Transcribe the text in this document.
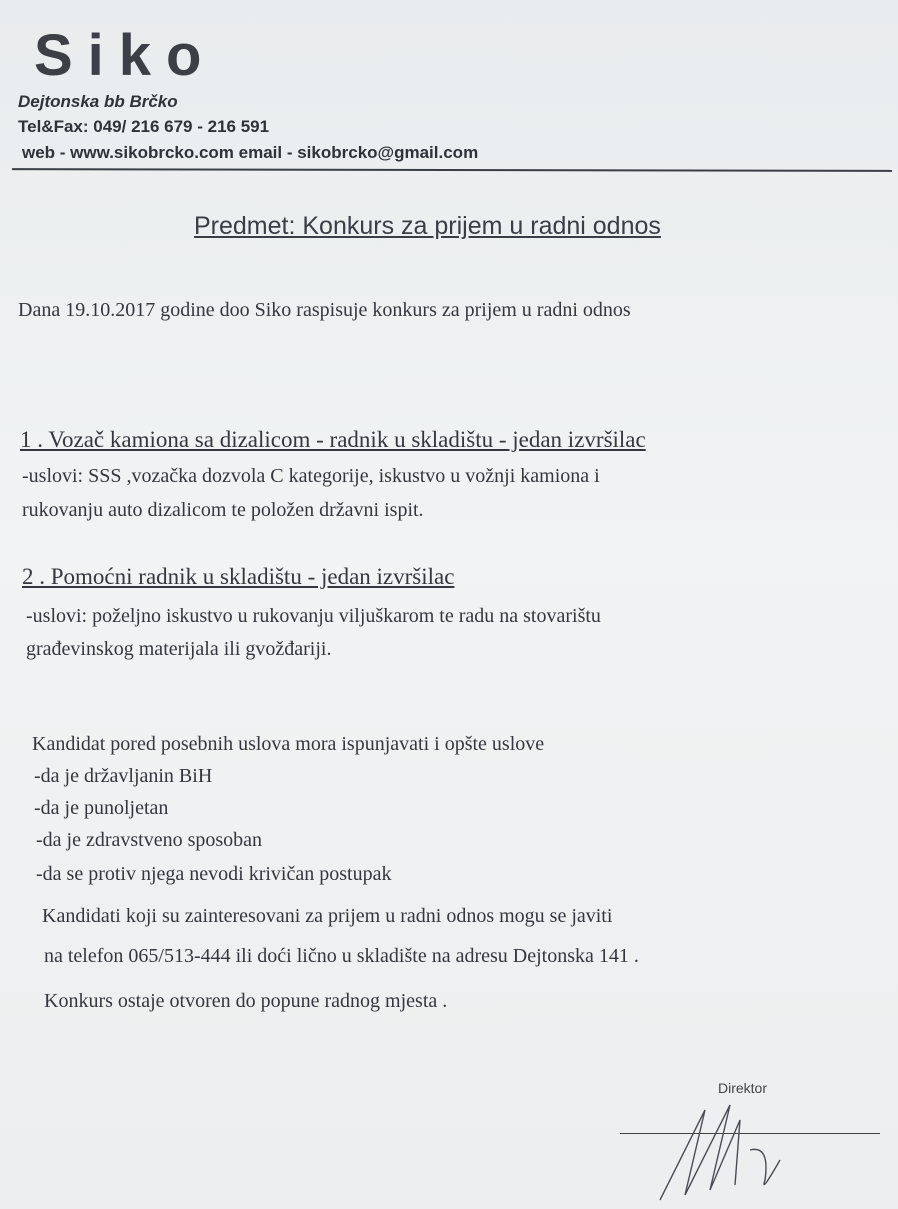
Siko
Dejtonska bb Brčko
Tel&Fax: 049/ 216 679 - 216 591
web - www.sikobrcko.com email - sikobrcko@gmail.com
Predmet: Konkurs za prijem u radni odnos
Dana 19.10.2017 godine doo Siko raspisuje konkurs za prijem u radni odnos
1 . Vozač kamiona sa dizalicom - radnik u skladištu - jedan izvršilac
-uslovi: SSS ,vozačka dozvola C kategorije, iskustvo u vožnji kamiona i
rukovanju auto dizalicom te položen državni ispit.
2 . Pomoćni radnik u skladištu - jedan izvršilac
-uslovi: poželjno iskustvo u rukovanju viljuškarom te radu na stovarištu
građevinskog materijala ili gvožđariji.
Kandidat pored posebnih uslova mora ispunjavati i opšte uslove
-da je državljanin BiH
-da je punoljetan
-da je zdravstveno sposoban
-da se protiv njega nevodi krivičan postupak
Kandidati koji su zainteresovani za prijem u radni odnos mogu se javiti
na telefon 065/513-444 ili doći lično u skladište na adresu Dejtonska 141 .
Konkurs ostaje otvoren do popune radnog mjesta .
Direktor
